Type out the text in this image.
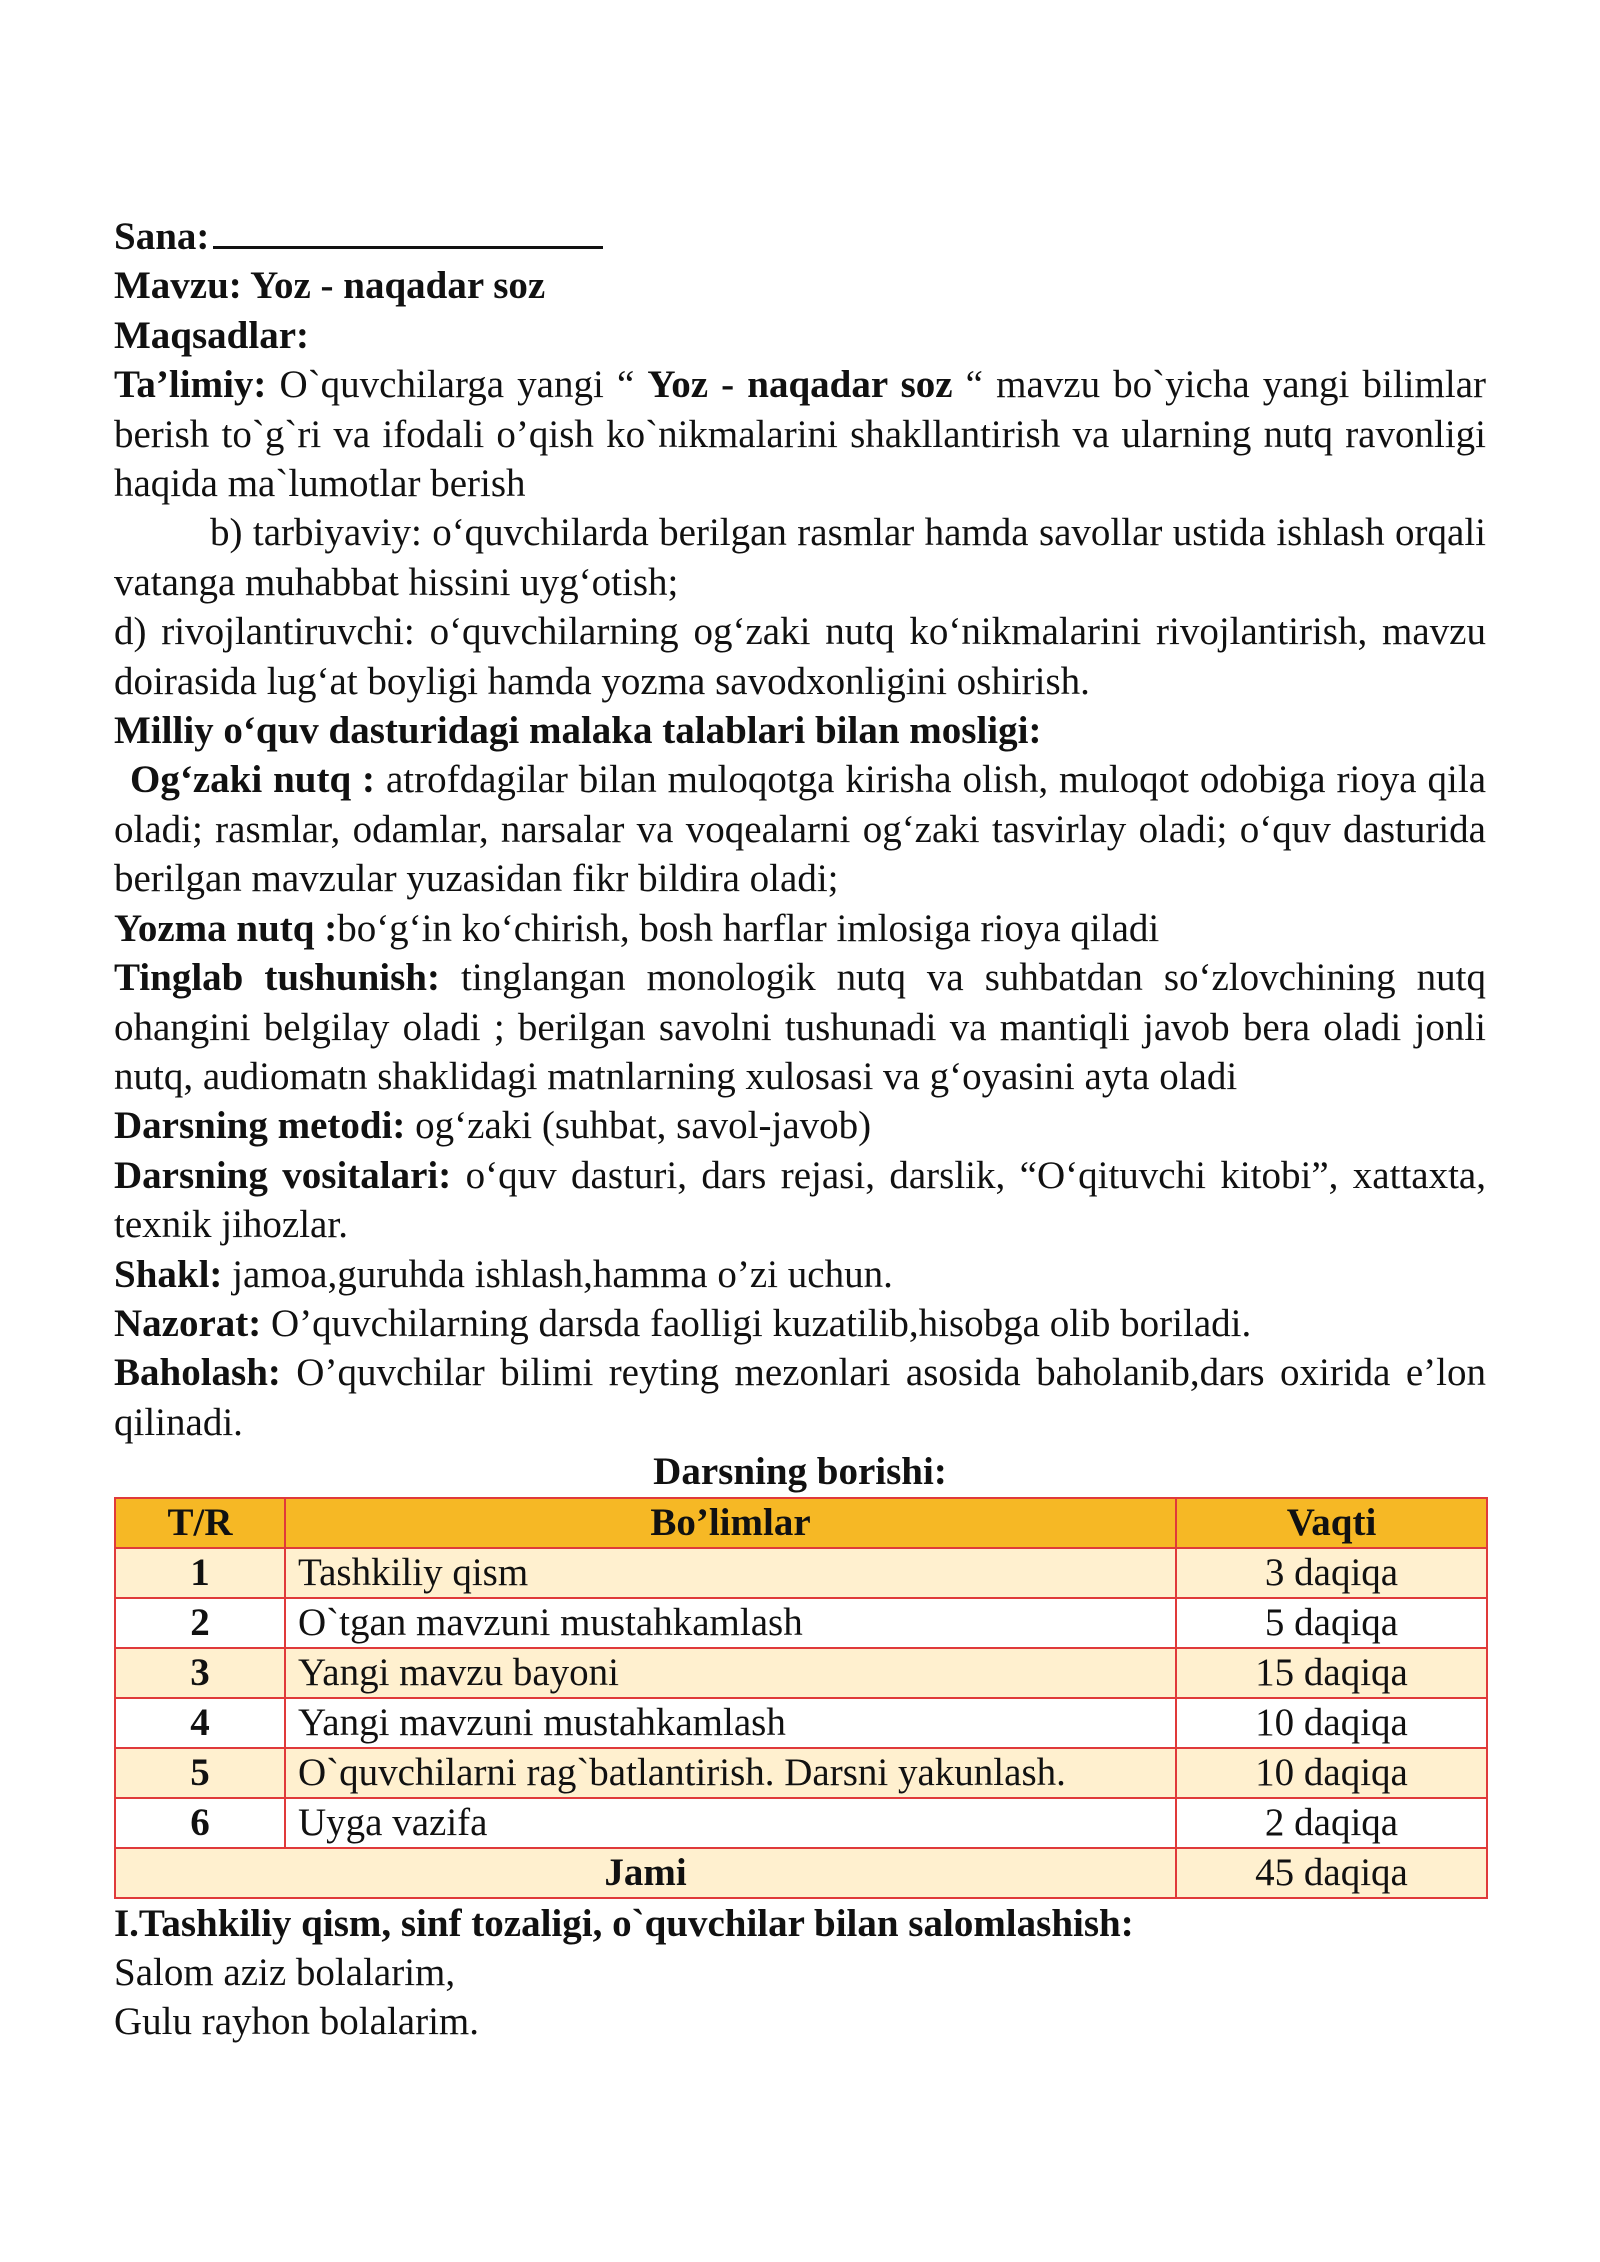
Sana:

Mavzu: Yoz - naqadar soz

Maqsadlar:

Ta’limiy: O`quvchilarga yangi “ Yoz - naqadar soz “ mavzu bo`yicha yangi bilimlar berish to`g`ri va ifodali o’qish ko`nikmalarini shakllantirish va ularning nutq ravonligi haqida ma`lumotlar berish

b) tarbiyaviy: o‘quvchilarda berilgan rasmlar hamda savollar ustida ishlash orqali vatanga muhabbat hissini uyg‘otish;

d) rivojlantiruvchi: o‘quvchilarning og‘zaki nutq ko‘nikmalarini rivojlantirish, mavzu doirasida lug‘at boyligi hamda yozma savodxonligini oshirish.

Milliy o‘quv dasturidagi malaka talablari bilan mosligi:

Og‘zaki nutq : atrofdagilar bilan muloqotga kirisha olish, muloqot odobiga rioya qila oladi; rasmlar, odamlar, narsalar va voqealarni og‘zaki tasvirlay oladi; o‘quv dasturida berilgan mavzular yuzasidan fikr bildira oladi;

Yozma nutq :bo‘g‘in ko‘chirish, bosh harflar imlosiga rioya qiladi

Tinglab tushunish: tinglangan monologik nutq va suhbatdan so‘zlovchining nutq ohangini belgilay oladi ; berilgan savolni tushunadi va mantiqli javob bera oladi jonli nutq, audiomatn shaklidagi matnlarning xulosasi va g‘oyasini ayta oladi

Darsning metodi: og‘zaki (suhbat, savol-javob)

Darsning vositalari: o‘quv dasturi, dars rejasi, darslik, “O‘qituvchi kitobi”, xattaxta, texnik jihozlar.

Shakl: jamoa,guruhda ishlash,hamma o’zi uchun.

Nazorat: O’quvchilarning darsda faolligi kuzatilib,hisobga olib boriladi.

Baholash: O’quvchilar bilimi reyting mezonlari asosida baholanib,dars oxirida e’lon qilinadi.

Darsning borishi:

T/R	Bo’limlar	Vaqti
1	Tashkiliy qism	3 daqiqa
2	O`tgan mavzuni mustahkamlash	5 daqiqa
3	Yangi mavzu bayoni	15 daqiqa
4	Yangi mavzuni mustahkamlash	10 daqiqa
5	O`quvchilarni rag`batlantirish. Darsni yakunlash.	10 daqiqa
6	Uyga vazifa	2 daqiqa
Jami		45 daqiqa

I.Tashkiliy qism, sinf tozaligi, o`quvchilar bilan salomlashish:

Salom aziz bolalarim,

Gulu rayhon bolalarim.
